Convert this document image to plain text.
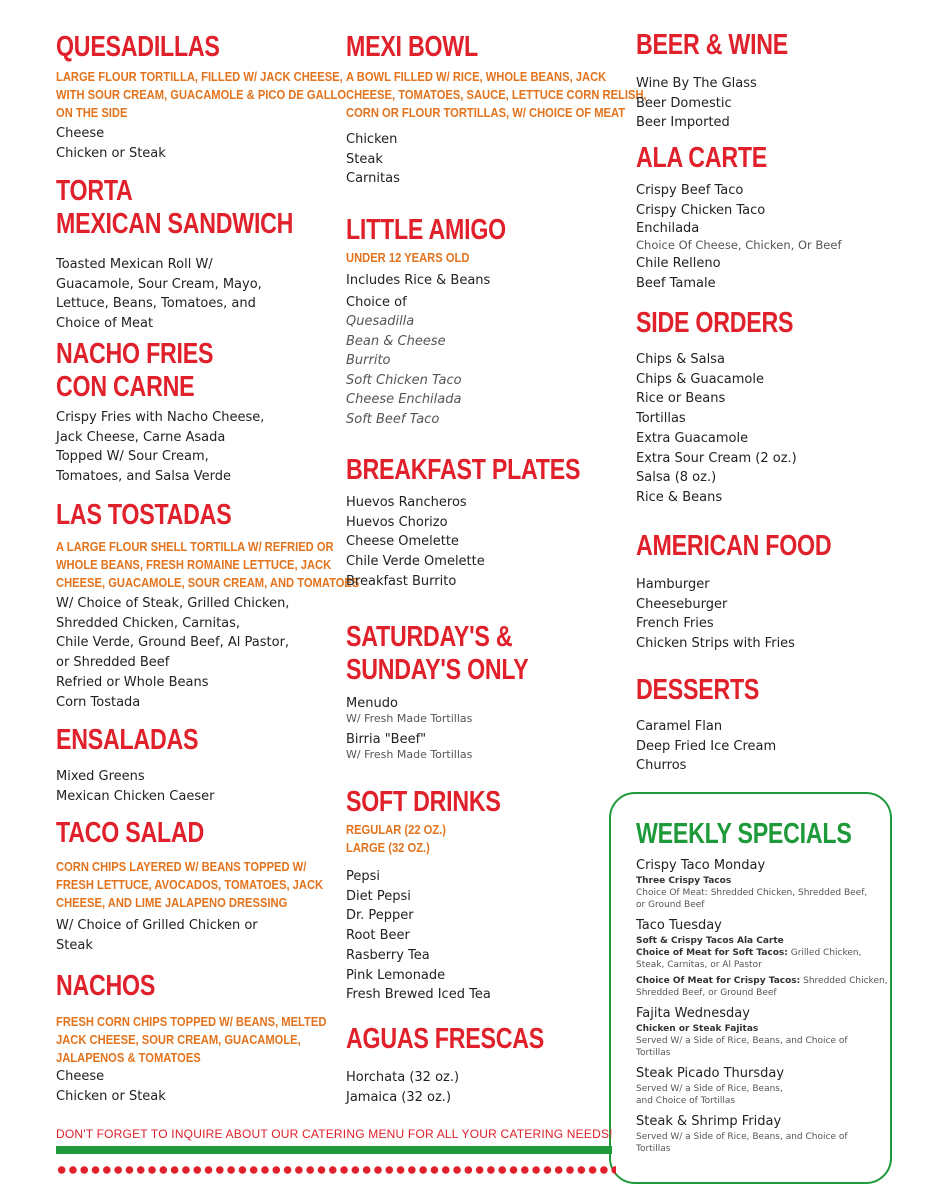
QUESADILLAS
LARGE FLOUR TORTILLA, FILLED W/ JACK CHEESE,
WITH SOUR CREAM, GUACAMOLE & PICO DE GALLO
ON THE SIDE
Cheese
Chicken or Steak
TORTA
MEXICAN SANDWICH
Toasted Mexican Roll W/
Guacamole, Sour Cream, Mayo,
Lettuce, Beans, Tomatoes, and
Choice of Meat
NACHO FRIES
CON CARNE
Crispy Fries with Nacho Cheese,
Jack Cheese, Carne Asada
Topped W/ Sour Cream,
Tomatoes, and Salsa Verde
LAS TOSTADAS
A LARGE FLOUR SHELL TORTILLA W/ REFRIED OR
WHOLE BEANS, FRESH ROMAINE LETTUCE, JACK
CHEESE, GUACAMOLE, SOUR CREAM, AND TOMATOES
W/ Choice of Steak, Grilled Chicken,
Shredded Chicken, Carnitas,
Chile Verde, Ground Beef, Al Pastor,
or Shredded Beef
Refried or Whole Beans
Corn Tostada
ENSALADAS
Mixed Greens
Mexican Chicken Caeser
TACO SALAD
CORN CHIPS LAYERED W/ BEANS TOPPED W/
FRESH LETTUCE, AVOCADOS, TOMATOES, JACK
CHEESE, AND LIME JALAPENO DRESSING
W/ Choice of Grilled Chicken or
Steak
NACHOS
FRESH CORN CHIPS TOPPED W/ BEANS, MELTED
JACK CHEESE, SOUR CREAM, GUACAMOLE,
JALAPENOS & TOMATOES
Cheese
Chicken or Steak
MEXI BOWL
A BOWL FILLED W/ RICE, WHOLE BEANS, JACK
CHEESE, TOMATOES, SAUCE, LETTUCE CORN RELISH,
CORN OR FLOUR TORTILLAS, W/ CHOICE OF MEAT
Chicken
Steak
Carnitas
LITTLE AMIGO
UNDER 12 YEARS OLD
Includes Rice & Beans
Choice of
Quesadilla
Bean & Cheese
Burrito
Soft Chicken Taco
Cheese Enchilada
Soft Beef Taco
BREAKFAST PLATES
Huevos Rancheros
Huevos Chorizo
Cheese Omelette
Chile Verde Omelette
Breakfast Burrito
SATURDAY'S &
SUNDAY'S ONLY
Menudo
W/ Fresh Made Tortillas
Birria "Beef"
W/ Fresh Made Tortillas
SOFT DRINKS
REGULAR (22 OZ.)
LARGE (32 OZ.)
Pepsi
Diet Pepsi
Dr. Pepper
Root Beer
Rasberry Tea
Pink Lemonade
Fresh Brewed Iced Tea
AGUAS FRESCAS
Horchata (32 oz.)
Jamaica (32 oz.)
BEER & WINE
Wine By The Glass
Beer Domestic
Beer Imported
ALA CARTE
Crispy Beef Taco
Crispy Chicken Taco
Enchilada
Choice Of Cheese, Chicken, Or Beef
Chile Relleno
Beef Tamale
SIDE ORDERS
Chips & Salsa
Chips & Guacamole
Rice or Beans
Tortillas
Extra Guacamole
Extra Sour Cream (2 oz.)
Salsa (8 oz.)
Rice & Beans
AMERICAN FOOD
Hamburger
Cheeseburger
French Fries
Chicken Strips with Fries
DESSERTS
Caramel Flan
Deep Fried Ice Cream
Churros
WEEKLY SPECIALS
Crispy Taco Monday
Three Crispy Tacos
Choice Of Meat: Shredded Chicken, Shredded Beef,
or Ground Beef
Taco Tuesday
Soft & Crispy Tacos Ala Carte
Choice of Meat for Soft Tacos: Grilled Chicken,
Steak, Carnitas, or Al Pastor
Choice Of Meat for Crispy Tacos: Shredded Chicken,
Shredded Beef, or Ground Beef
Fajita Wednesday
Chicken or Steak Fajitas
Served W/ a Side of Rice, Beans, and Choice of
Tortillas
Steak Picado Thursday
Served W/ a Side of Rice, Beans,
and Choice of Tortillas
Steak & Shrimp Friday
Served W/ a Side of Rice, Beans, and Choice of
Tortillas
DON'T FORGET TO INQUIRE ABOUT OUR CATERING MENU FOR ALL YOUR CATERING NEEDS!
